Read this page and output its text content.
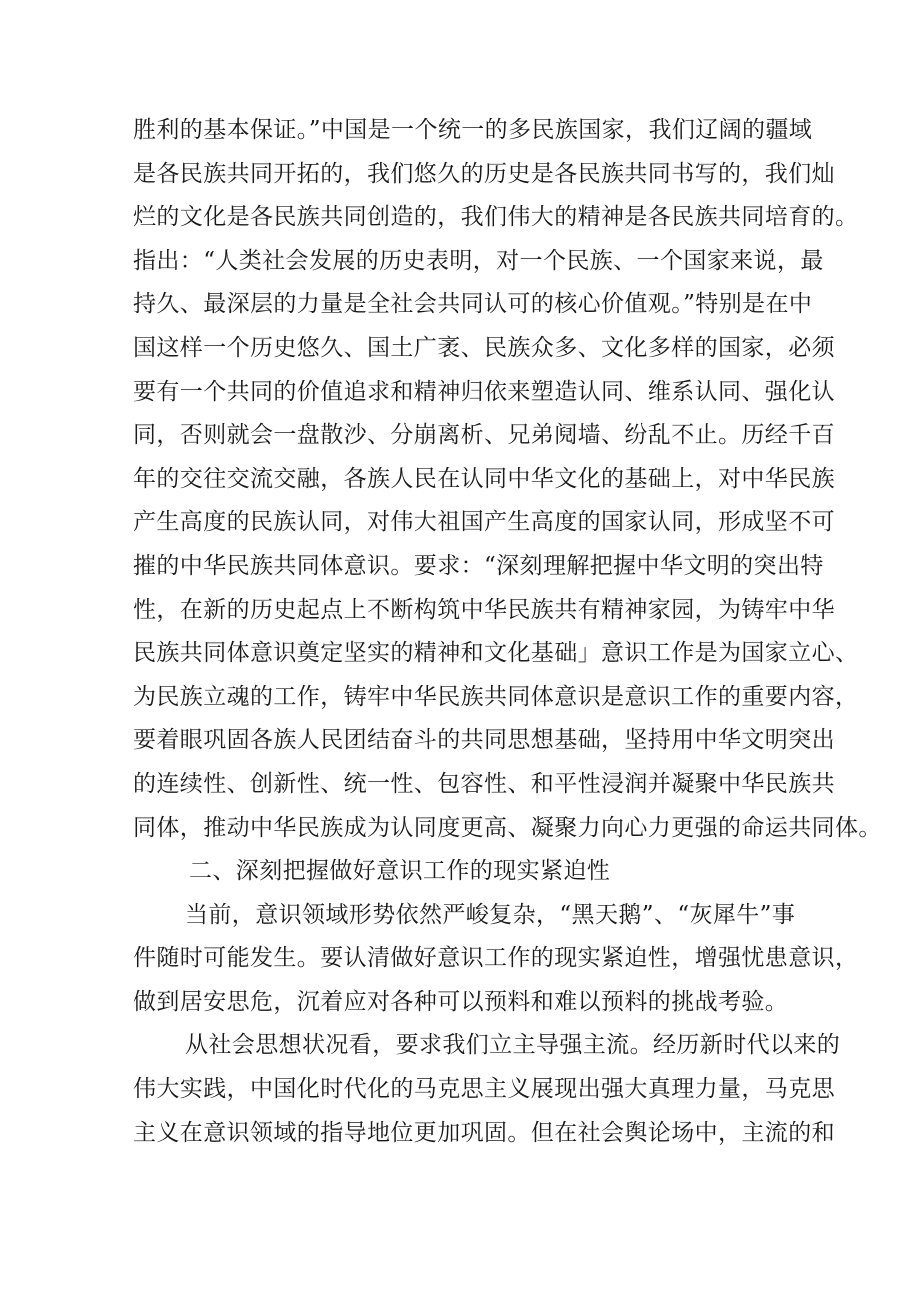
胜利的基本保证。”中国是一个统一的多民族国家，我们辽阔的疆域
是各民族共同开拓的，我们悠久的历史是各民族共同书写的，我们灿
烂的文化是各民族共同创造的，我们伟大的精神是各民族共同培育的。
指出：“人类社会发展的历史表明，对一个民族、一个国家来说，最
持久、最深层的力量是全社会共同认可的核心价值观。”特别是在中
国这样一个历史悠久、国土广袤、民族众多、文化多样的国家，必须
要有一个共同的价值追求和精神归依来塑造认同、维系认同、强化认
同，否则就会一盘散沙、分崩离析、兄弟阋墙、纷乱不止。历经千百
年的交往交流交融，各族人民在认同中华文化的基础上，对中华民族
产生高度的民族认同，对伟大祖国产生高度的国家认同，形成坚不可
摧的中华民族共同体意识。要求：“深刻理解把握中华文明的突出特
性，在新的历史起点上不断构筑中华民族共有精神家园，为铸牢中华
民族共同体意识奠定坚实的精神和文化基础」意识工作是为国家立心、
为民族立魂的工作，铸牢中华民族共同体意识是意识工作的重要内容，
要着眼巩固各族人民团结奋斗的共同思想基础，坚持用中华文明突出
的连续性、创新性、统一性、包容性、和平性浸润并凝聚中华民族共
同体，推动中华民族成为认同度更高、凝聚力向心力更强的命运共同体。
二、深刻把握做好意识工作的现实紧迫性
当前，意识领域形势依然严峻复杂，“黑天鹅”、“灰犀牛”事
件随时可能发生。要认清做好意识工作的现实紧迫性，增强忧患意识，
做到居安思危，沉着应对各种可以预料和难以预料的挑战考验。
从社会思想状况看，要求我们立主导强主流。经历新时代以来的
伟大实践，中国化时代化的马克思主义展现出强大真理力量，马克思
主义在意识领域的指导地位更加巩固。但在社会舆论场中，主流的和
